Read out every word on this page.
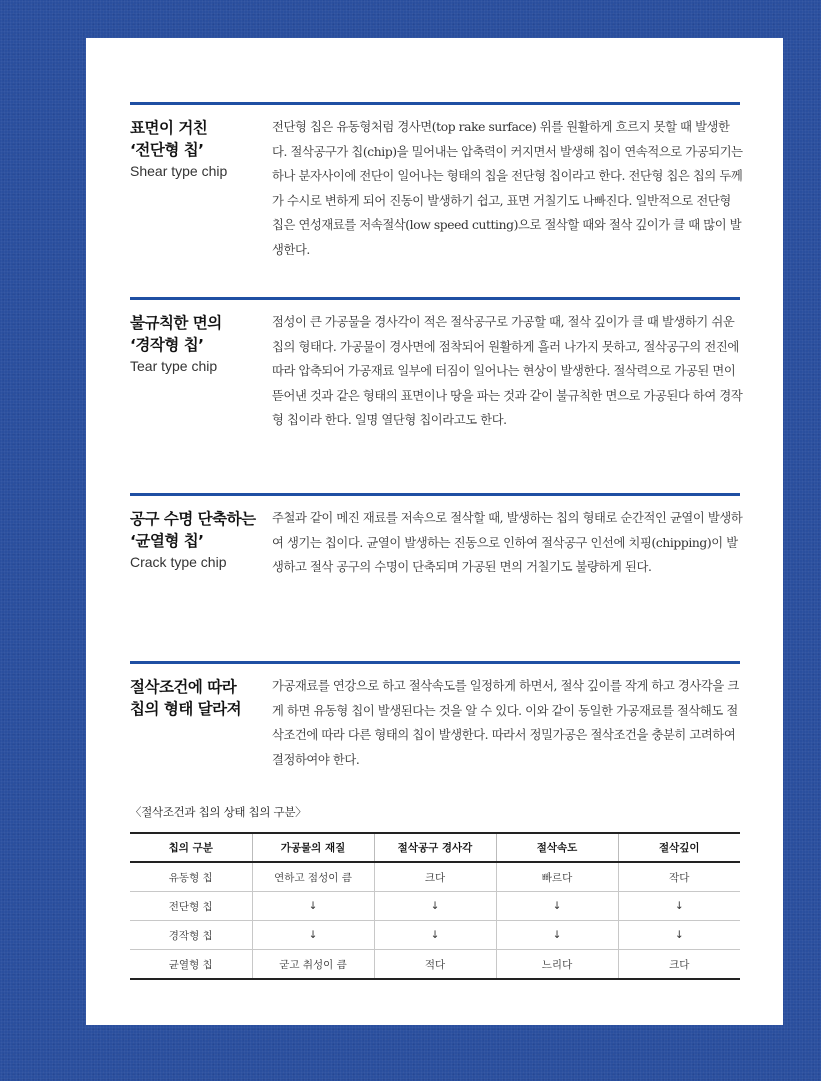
표면이 거친

‘전단형 칩’

Shear type chip

전단형 칩은 유동형처럼 경사면(top rake surface) 위를 원활하게 흐르지 못할 때 발생한다. 절삭공구가 칩(chip)을 밀어내는 압축력이 커지면서 발생해 칩이 연속적으로 가공되기는 하나 분자사이에 전단이 일어나는 형태의 칩을 전단형 칩이라고 한다. 전단형 칩은 칩의 두께가 수시로 변하게 되어 진동이 발생하기 쉽고, 표면 거칠기도 나빠진다. 일반적으로 전단형 칩은 연성재료를 저속절삭(low speed cutting)으로 절삭할 때와 절삭 깊이가 클 때 많이 발생한다.

불규칙한 면의

‘경작형 칩’

Tear type chip

점성이 큰 가공물을 경사각이 적은 절삭공구로 가공할 때, 절삭 깊이가 클 때 발생하기 쉬운 칩의 형태다. 가공물이 경사면에 점착되어 원활하게 흘러 나가지 못하고, 절삭공구의 전진에따라 압축되어 가공재료 일부에 터짐이 일어나는 현상이 발생한다. 절삭력으로 가공된 면이 뜯어낸 것과 같은 형태의 표면이나 땅을 파는 것과 같이 불규칙한 면으로 가공된다 하여 경작형 칩이라 한다. 일명 열단형 칩이라고도 한다.

공구 수명 단축하는

‘균열형 칩’

Crack type chip

주철과 같이 메진 재료를 저속으로 절삭할 때, 발생하는 칩의 형태로 순간적인 균열이 발생하여 생기는 칩이다. 균열이 발생하는 진동으로 인하여 절삭공구 인선에 치핑(chipping)이 발생하고 절삭 공구의 수명이 단축되며 가공된 면의 거칠기도 불량하게 된다.

절삭조건에 따라

칩의 형태 달라져

가공재료를 연강으로 하고 절삭속도를 일정하게 하면서, 절삭 깊이를 작게 하고 경사각을 크게 하면 유동형 칩이 발생된다는 것을 알 수 있다. 이와 같이 동일한 가공재료를 절삭해도 절삭조건에 따라 다른 형태의 칩이 발생한다. 따라서 정밀가공은 절삭조건을 충분히 고려하여 결정하여야 한다.

〈절삭조건과 칩의 상태 칩의 구분〉
칩의 구분	가공물의 재질	절삭공구 경사각	절삭속도	절삭깊이
유동형 칩	연하고 점성이 큼	크다	빠르다	작다
전단형 칩	↓	↓	↓	↓
경작형 칩	↓	↓	↓	↓
균열형 칩	굳고 취성이 큼	적다	느리다	크다
